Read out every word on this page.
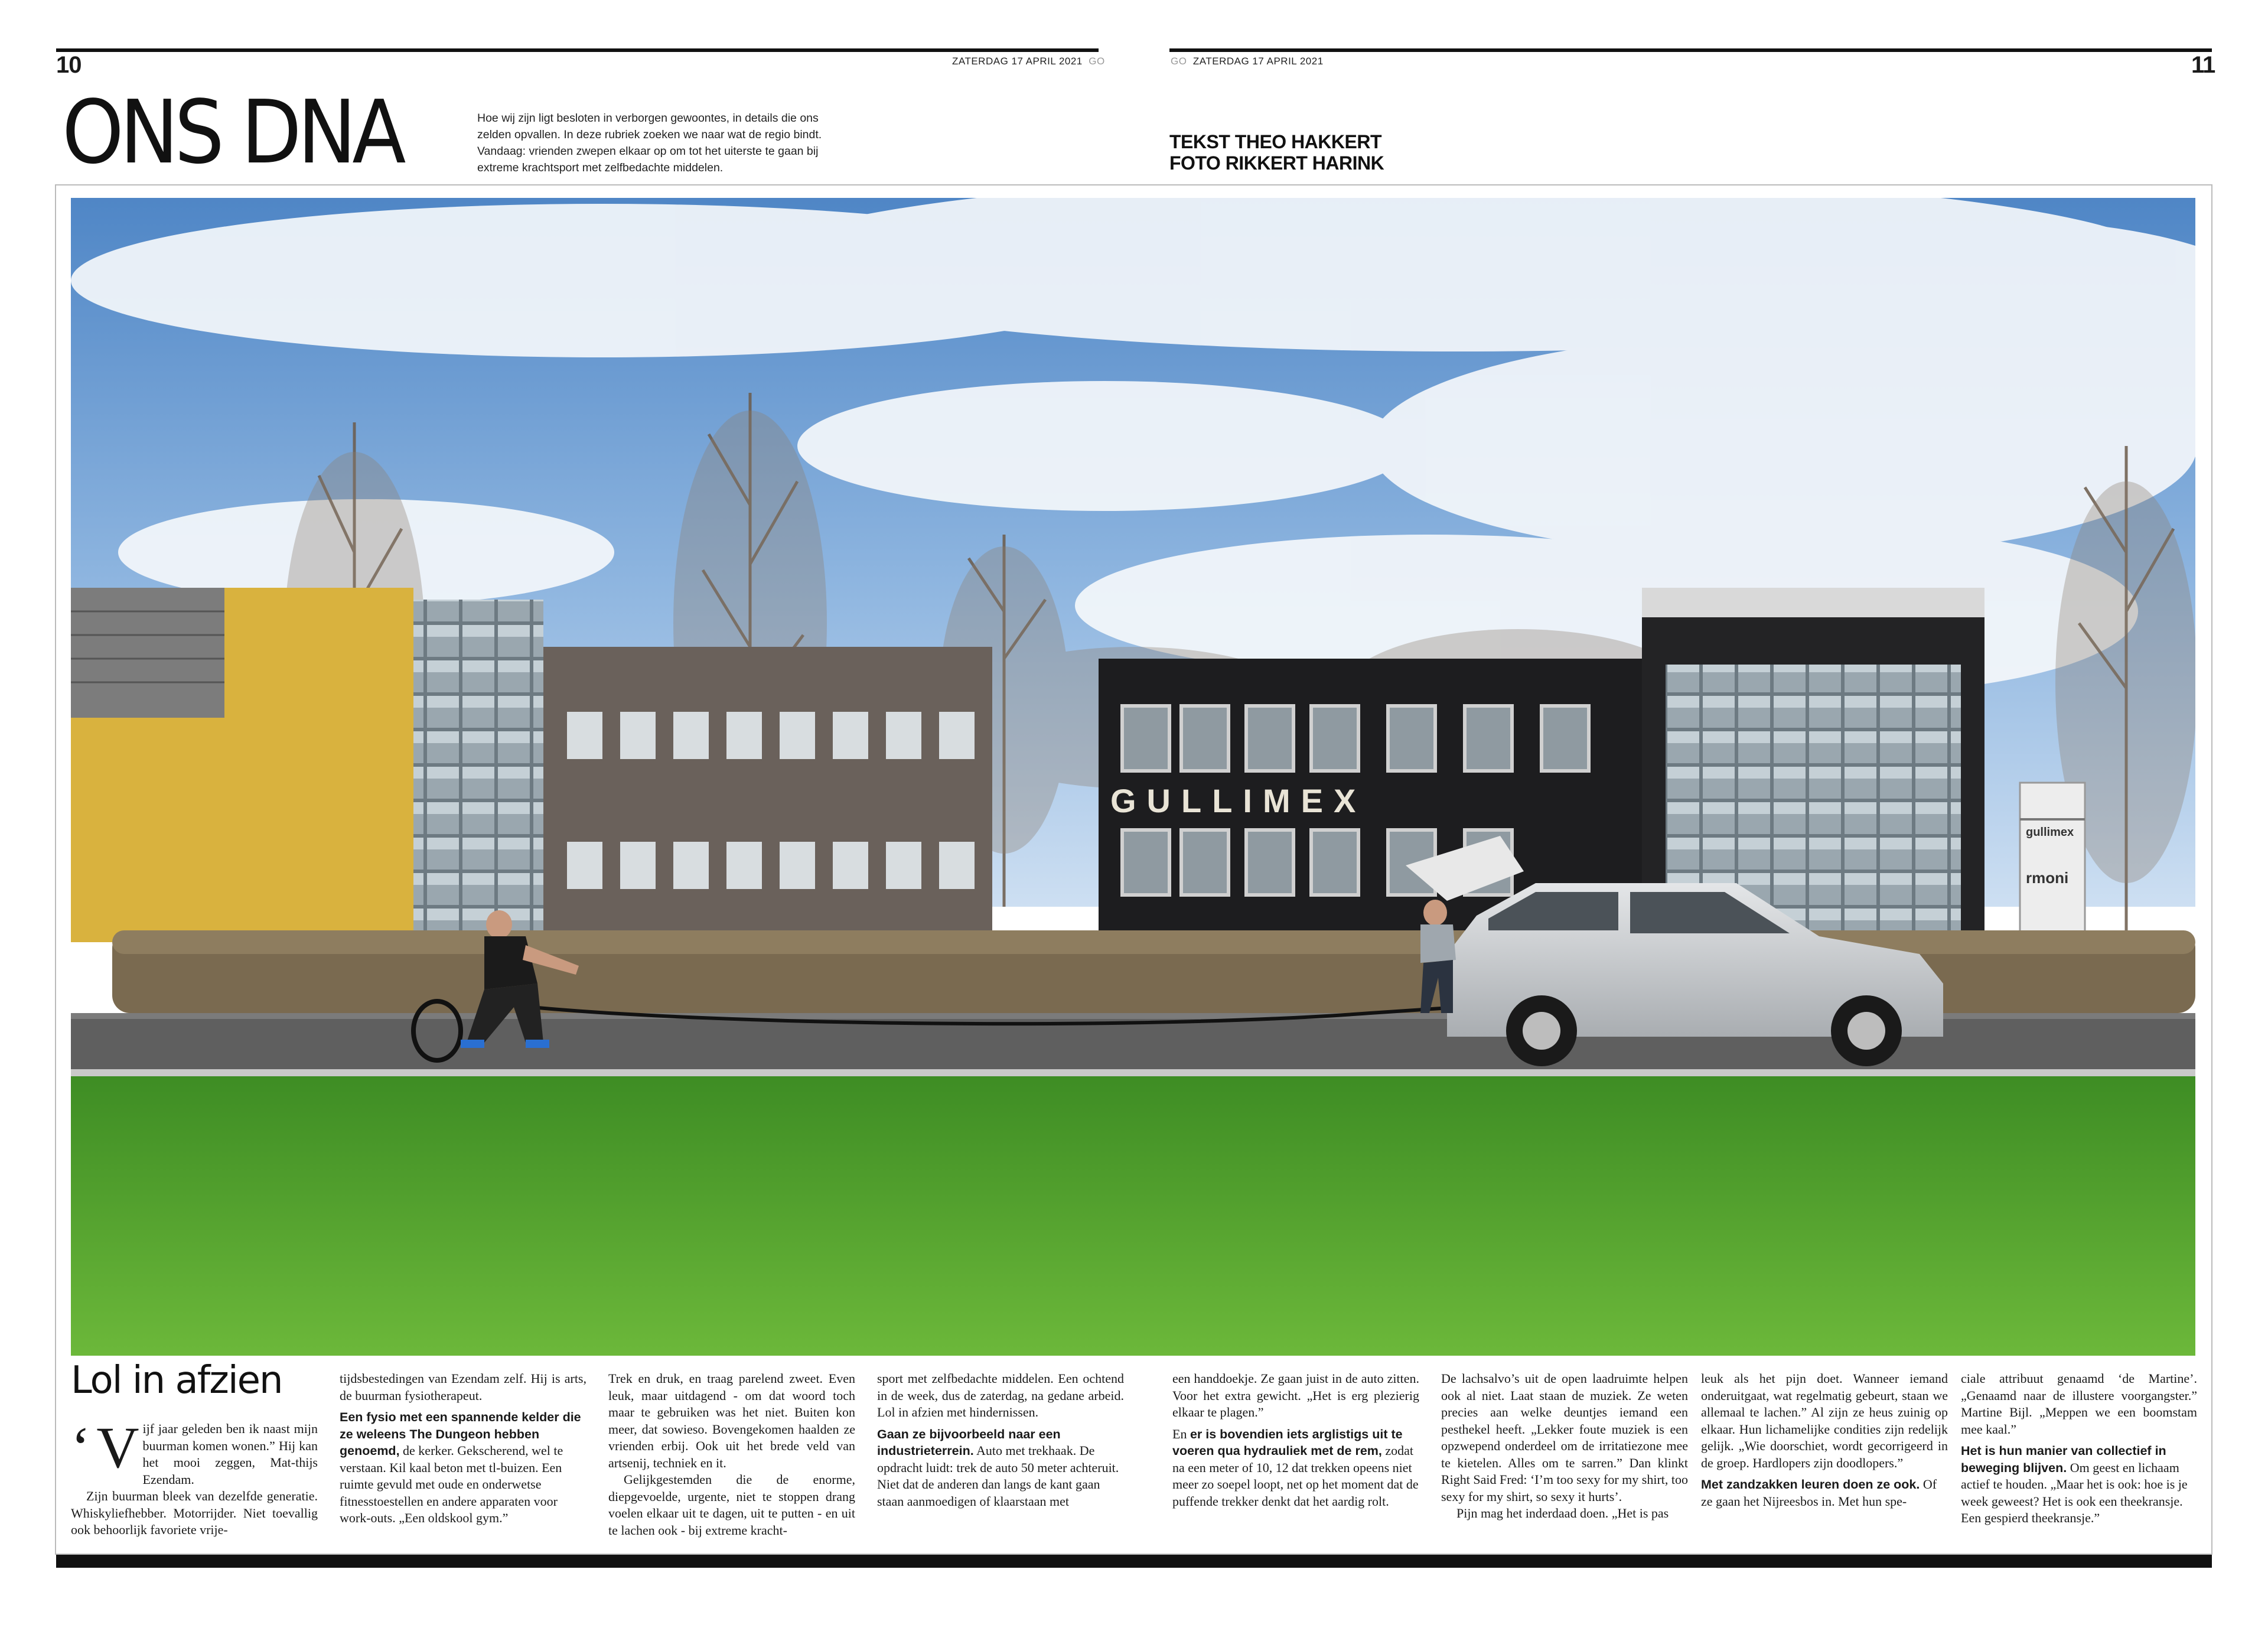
10	ZATERDAG 17 APRIL 2021 GO	GO ZATERDAG 17 APRIL 2021	11
ONS DNA	Hoe wij zijn ligt besloten in verborgen gewoontes, in details die ons zelden opvallen. In deze rubriek zoeken we naar wat de regio bindt. Vandaag: vrienden zwepen elkaar op om tot het uiterste te gaan bij extreme krachtsport met zelfbedachte middelen.
TEKST THEO HAKKERT
FOTO RIKKERT HARINK
GULLIMEX
gullimex
rmoni
Lol in afzien

‘ V ijf jaar geleden ben ik naast mijn buurman komen wonen.” Hij kan het mooi zeggen, Mat-thijs Ezendam.

Zijn buurman bleek van dezelfde generatie. Whiskyliefhebber. Motorrijder. Niet toevallig ook behoorlijk favoriete vrije-

tijdsbestedingen van Ezendam zelf. Hij is arts, de buurman fysiotherapeut.

Een fysio met een spannende kelder die ze weleens The Dungeon hebben genoemd, de kerker. Gekscherend, wel te verstaan. Kil kaal beton met tl-buizen. Een ruimte gevuld met oude en onderwetse fitnesstoestellen en andere apparaten voor work-outs. „Een oldskool gym.”

Trek en druk, en traag parelend zweet. Even leuk, maar uitdagend - om dat woord toch maar te gebruiken was het niet. Buiten kon meer, dat sowieso. Bovengekomen haalden ze vrienden erbij. Ook uit het brede veld van artsenij, techniek en it.

Gelijkgestemden die de enorme, diepgevoelde, urgente, niet te stoppen drang voelen elkaar uit te dagen, uit te putten - en uit te lachen ook - bij extreme kracht-

sport met zelfbedachte middelen. Een ochtend in de week, dus de zaterdag, na gedane arbeid. Lol in afzien met hindernissen.

Gaan ze bijvoorbeeld naar een industrieterrein. Auto met trekhaak. De opdracht luidt: trek de auto 50 meter achteruit. Niet dat de anderen dan langs de kant gaan staan aanmoedigen of klaarstaan met

een handdoekje. Ze gaan juist in de auto zitten. Voor het extra gewicht. „Het is erg plezierig elkaar te plagen.”

En er is bovendien iets arglistigs uit te voeren qua hydrauliek met de rem, zodat na een meter of 10, 12 dat trekken opeens niet meer zo soepel loopt, net op het moment dat de puffende trekker denkt dat het aardig rolt.

De lachsalvo’s uit de open laadruimte helpen ook al niet. Laat staan de muziek. Ze weten precies aan welke deuntjes iemand een pesthekel heeft. „Lekker foute muziek is een opzwepend onderdeel om de irritatiezone mee te kietelen. Alles om te sarren.” Dan klinkt Right Said Fred: ‘I’m too sexy for my shirt, too sexy for my shirt, so sexy it hurts’.

Pijn mag het inderdaad doen. „Het is pas

leuk als het pijn doet. Wanneer iemand onderuitgaat, wat regelmatig gebeurt, staan we allemaal te lachen.” Al zijn ze heus zuinig op elkaar. Hun lichamelijke condities zijn redelijk gelijk. „Wie doorschiet, wordt gecorrigeerd in de groep. Hardlopers zijn doodlopers.”

Met zandzakken leuren doen ze ook. Of ze gaan het Nijreesbos in. Met hun spe-

ciale attribuut genaamd ‘de Martine’. „Genaamd naar de illustere voorgangster.” Martine Bijl. „Meppen we een boomstam mee kaal.”

Het is hun manier van collectief in beweging blijven. Om geest en lichaam actief te houden. „Maar het is ook: hoe is je week geweest? Het is ook een theekransje. Een gespierd theekransje.”
